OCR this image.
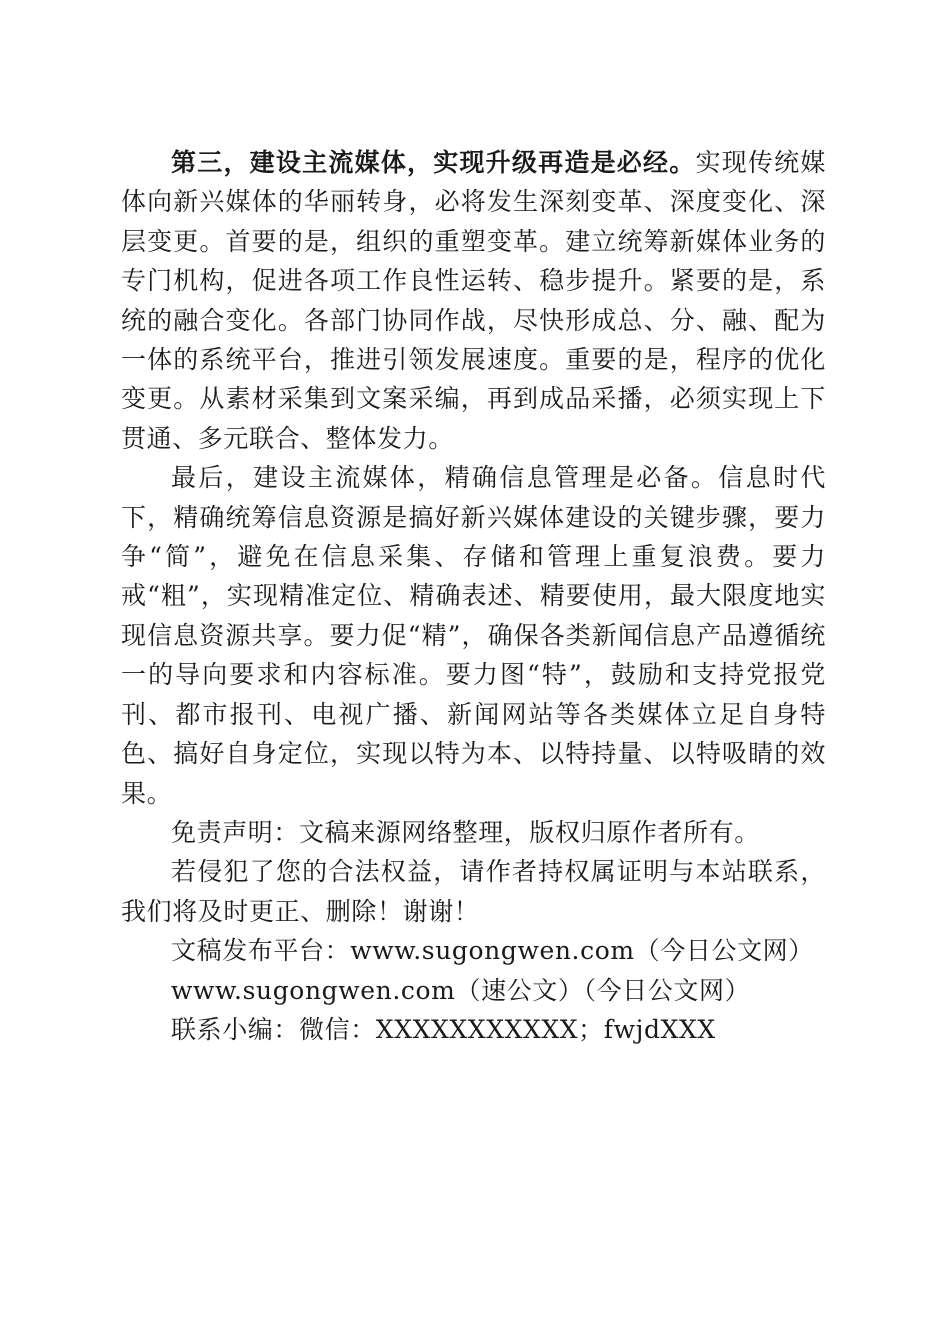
第三，建设主流媒体，实现升级再造是必经。实现传统媒体向新兴媒体的华丽转身，必将发生深刻变革、深度变化、深层变更。首要的是，组织的重塑变革。建立统筹新媒体业务的专门机构，促进各项工作良性运转、稳步提升。紧要的是，系统的融合变化。各部门协同作战，尽快形成总、分、融、配为一体的系统平台，推进引领发展速度。重要的是，程序的优化变更。从素材采集到文案采编，再到成品采播，必须实现上下贯通、多元联合、整体发力。

最后，建设主流媒体，精确信息管理是必备。信息时代下，精确统筹信息资源是搞好新兴媒体建设的关键步骤，要力争“简”，避免在信息采集、存储和管理上重复浪费。要力戒“粗”，实现精准定位、精确表述、精要使用，最大限度地实现信息资源共享。要力促“精”，确保各类新闻信息产品遵循统一的导向要求和内容标准。要力图“特”，鼓励和支持党报党刊、都市报刊、电视广播、新闻网站等各类媒体立足自身特色、搞好自身定位，实现以特为本、以特持量、以特吸睛的效果。

免责声明：文稿来源网络整理，版权归原作者所有。

若侵犯了您的合法权益，请作者持权属证明与本站联系，我们将及时更正、删除！谢谢！

文稿发布平台：www.sugongwen.com（今日公文网）

www.sugongwen.com（速公文）（今日公文网）

联系小编：微信：XXXXXXXXXXX；fwjdXXX
